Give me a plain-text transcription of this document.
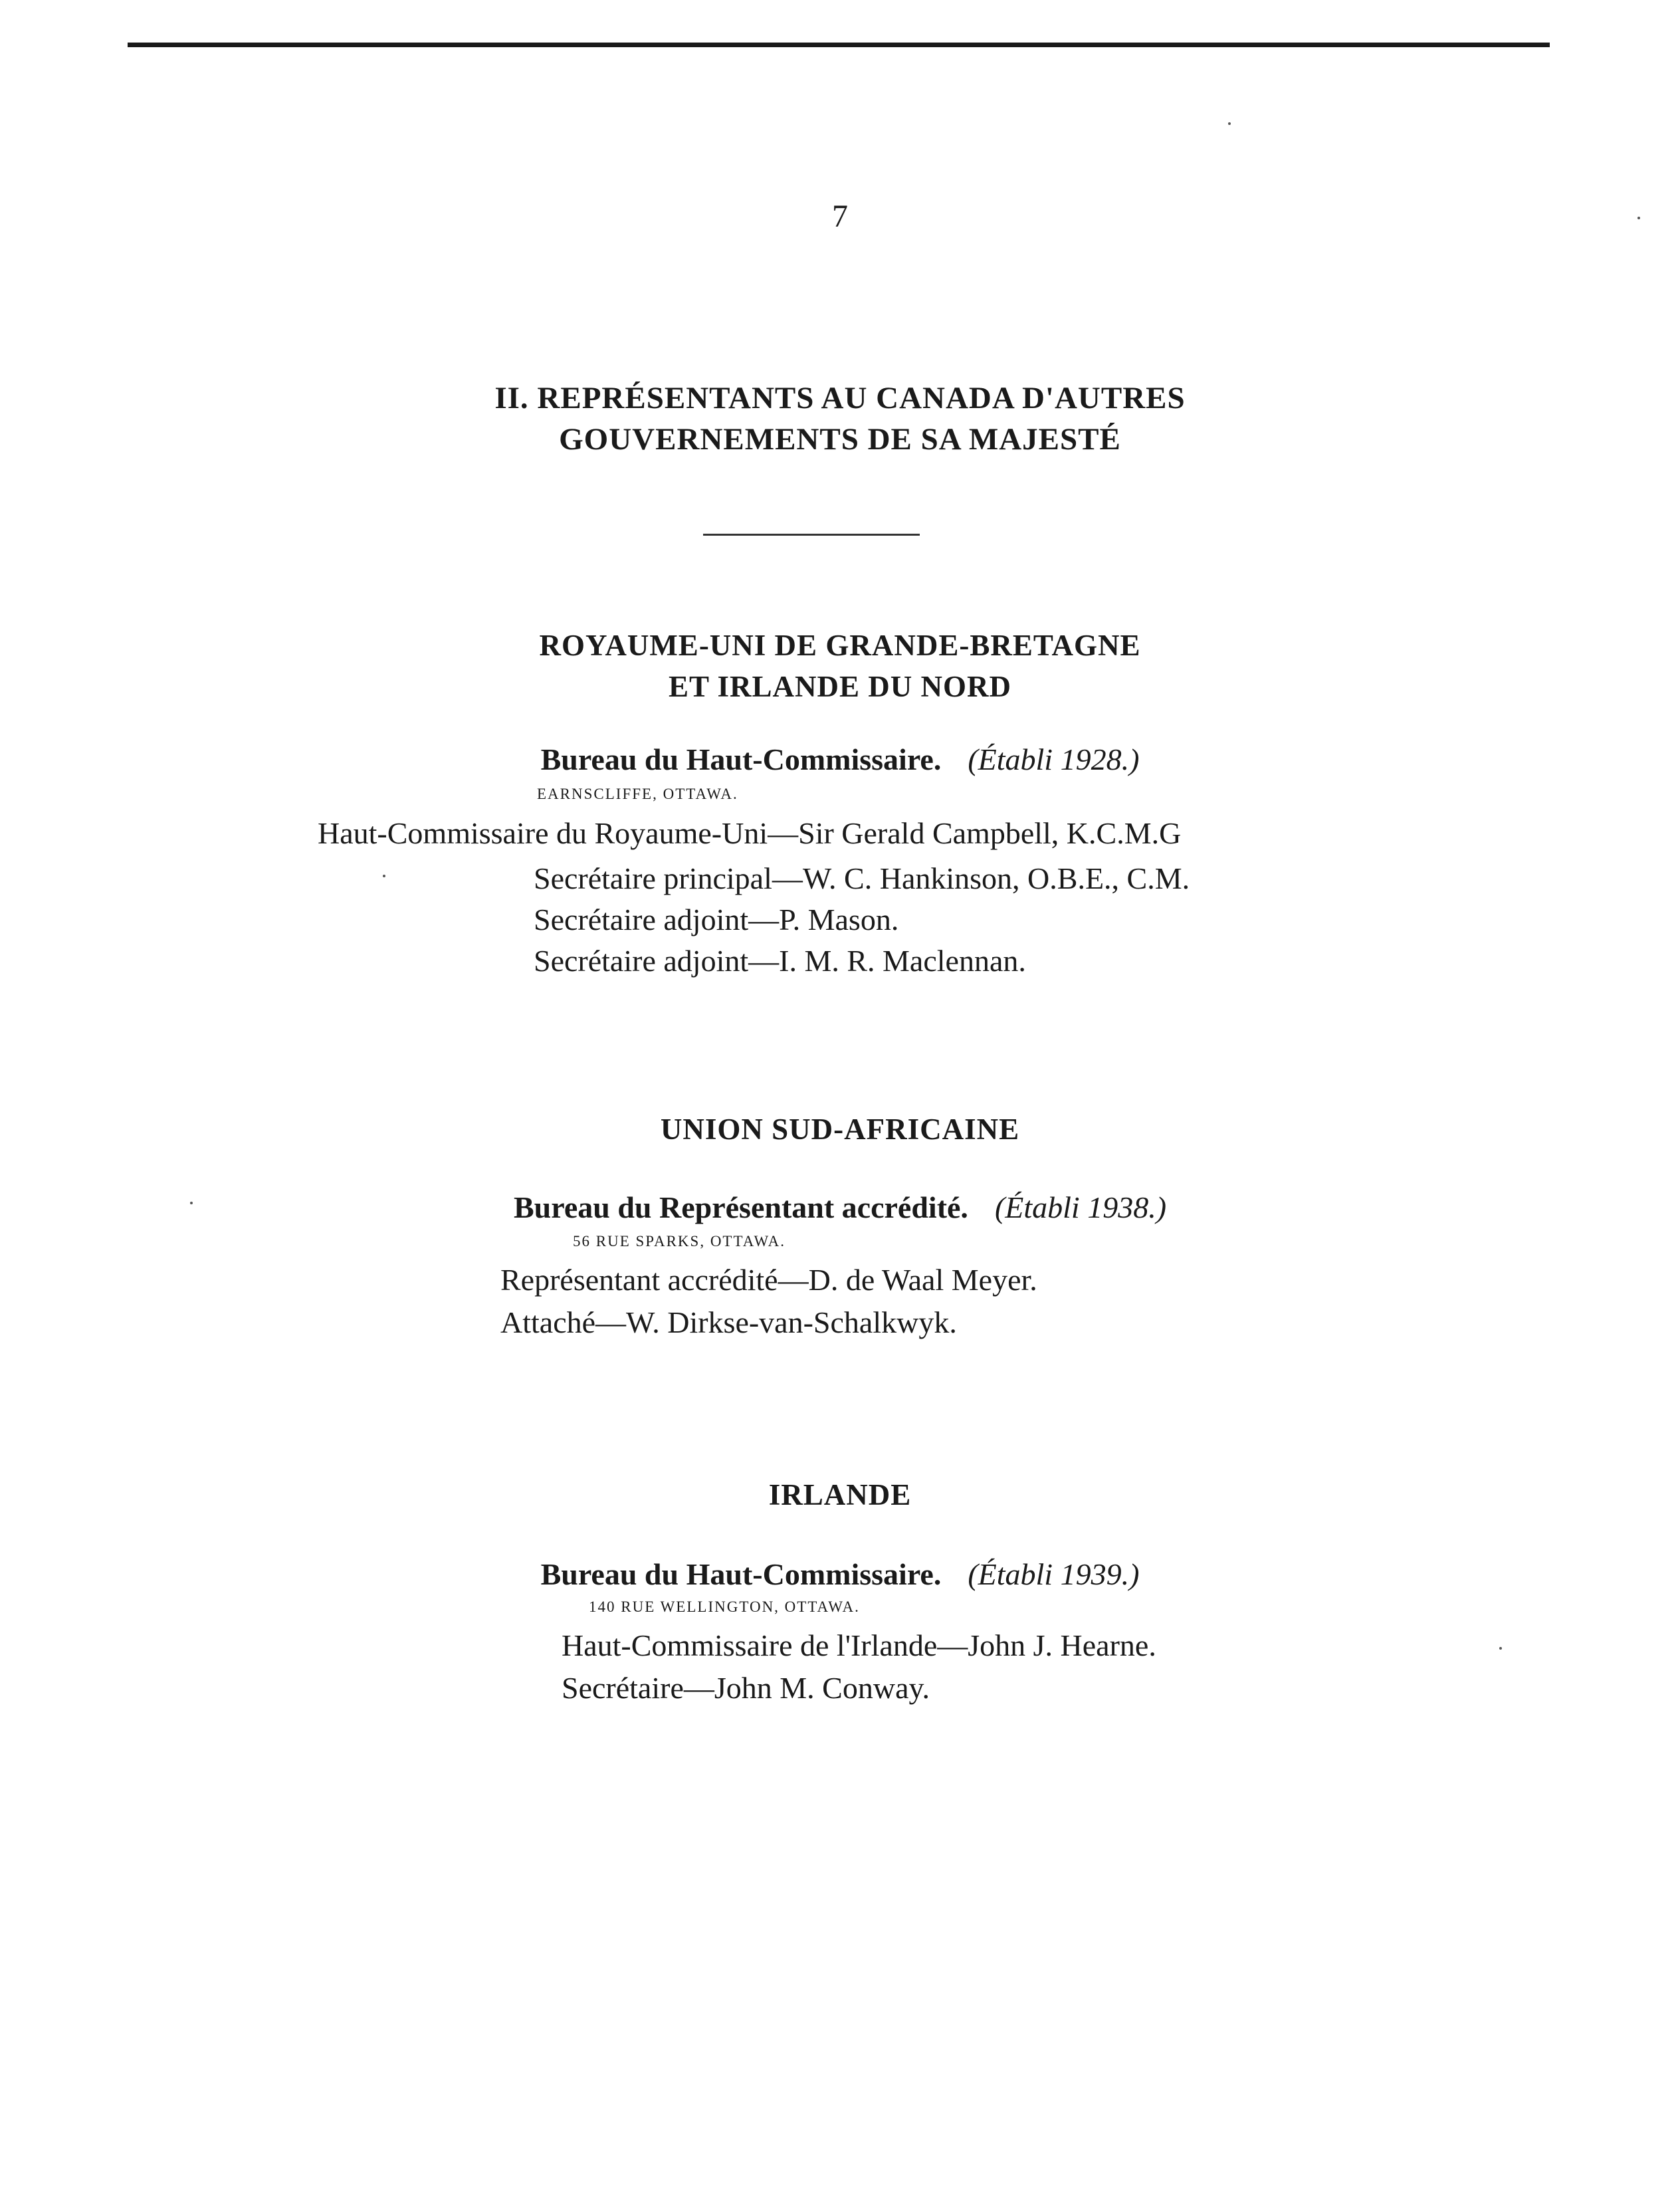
7
II. REPRÉSENTANTS AU CANADA D'AUTRES
GOUVERNEMENTS DE SA MAJESTÉ
ROYAUME-UNI DE GRANDE-BRETAGNE
ET IRLANDE DU NORD
Bureau du Haut-Commissaire. (Établi 1928.)
EARNSCLIFFE, OTTAWA.
Haut-Commissaire du Royaume-Uni—Sir Gerald Campbell, K.C.M.G
Secrétaire principal—W. C. Hankinson, O.B.E., C.M.
Secrétaire adjoint—P. Mason.
Secrétaire adjoint—I. M. R. Maclennan.
UNION SUD-AFRICAINE
Bureau du Représentant accrédité. (Établi 1938.)
56 RUE SPARKS, OTTAWA.
Représentant accrédité—D. de Waal Meyer.
Attaché—W. Dirkse-van-Schalkwyk.
IRLANDE
Bureau du Haut-Commissaire. (Établi 1939.)
140 RUE WELLINGTON, OTTAWA.
Haut-Commissaire de l'Irlande—John J. Hearne.
Secrétaire—John M. Conway.
